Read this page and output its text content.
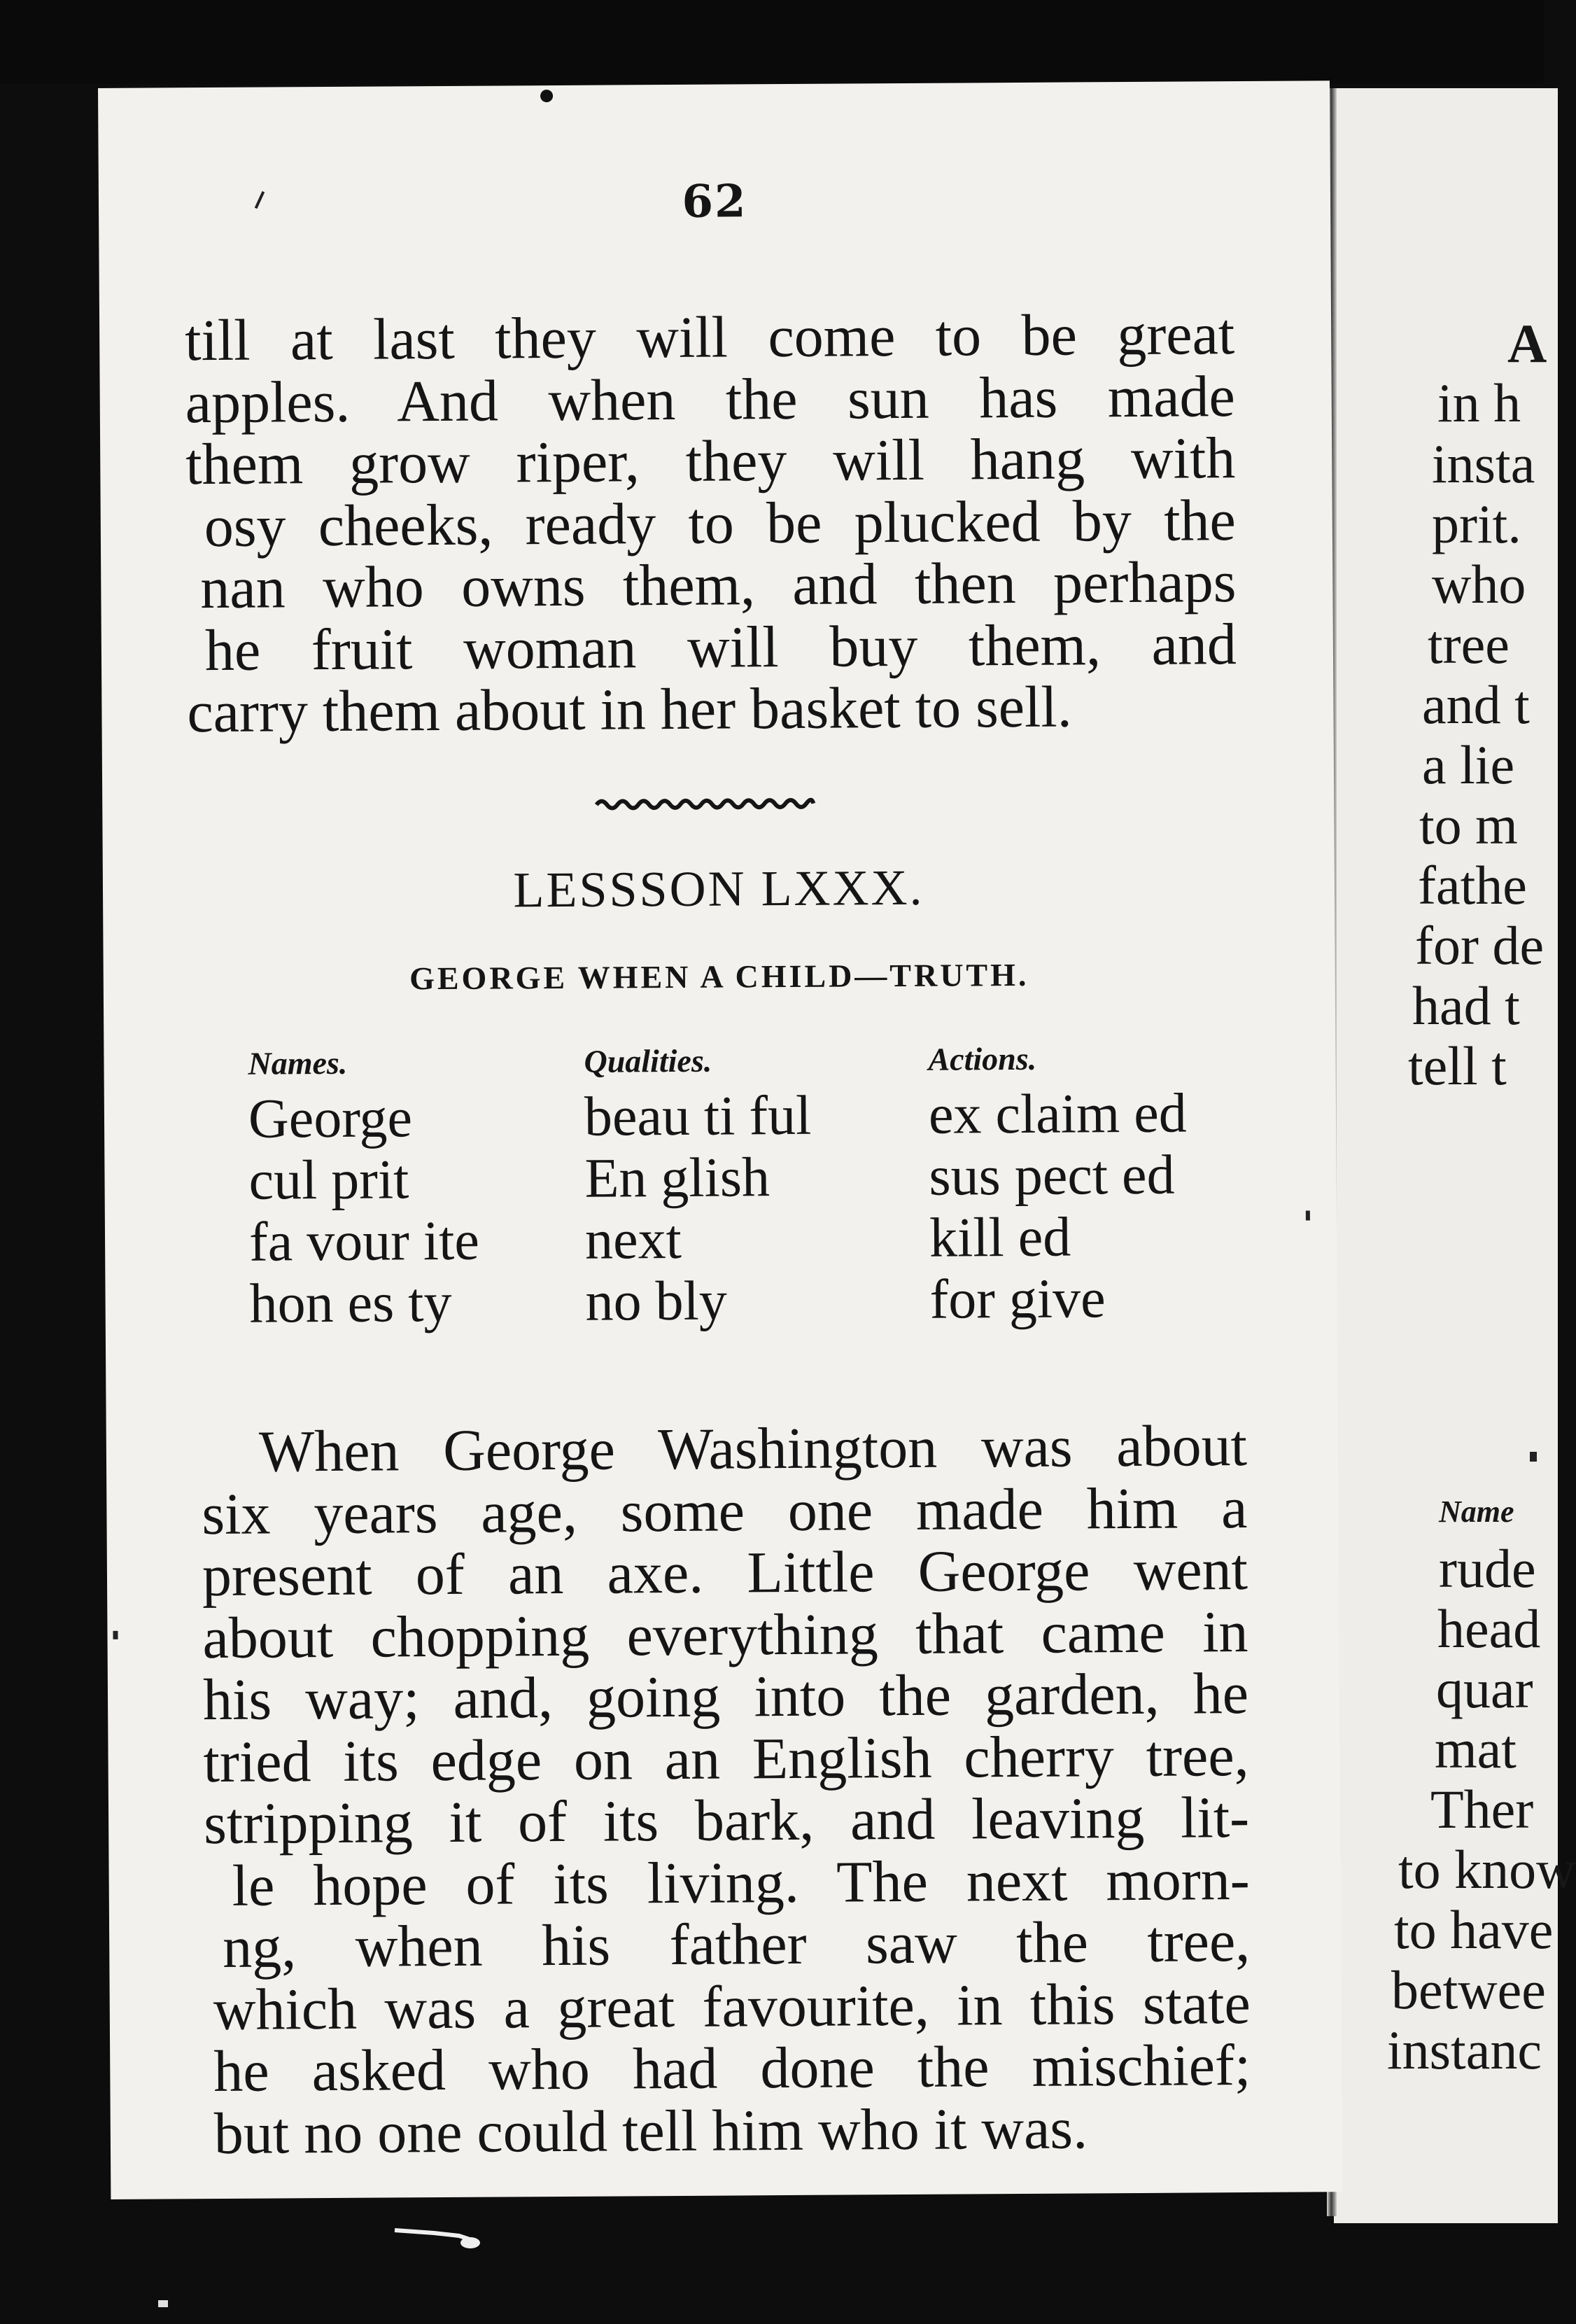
A
in h
insta
prit.
who
tree
and t
a lie
to m
fathe
for de
had t
tell t
Name
rude
head
quar
mat
Ther
to know
to have
betwee
instanc
62
till at last they will come to be great
apples. And when the sun has made
them grow riper, they will hang with
osy cheeks, ready to be plucked by the
nan who owns them, and then perhaps
he fruit woman will buy them, and
carry them about in her basket to sell.
LESSSON LXXX.
GEORGE WHEN A CHILD—TRUTH.
Names.
George
cul prit
fa vour ite
hon es ty
Qualities.
beau ti ful
En glish
next
no bly
Actions.
ex claim ed
sus pect ed
kill ed
for give
When George Washington was about
six years age, some one made him a
present of an axe. Little George went
about chopping everything that came in
his way; and, going into the garden, he
tried its edge on an English cherry tree,
stripping it of its bark, and leaving lit-
le hope of its living. The next morn-
ng, when his father saw the tree,
which was a great favourite, in this state
he asked who had done the mischief;
but no one could tell him who it was.
